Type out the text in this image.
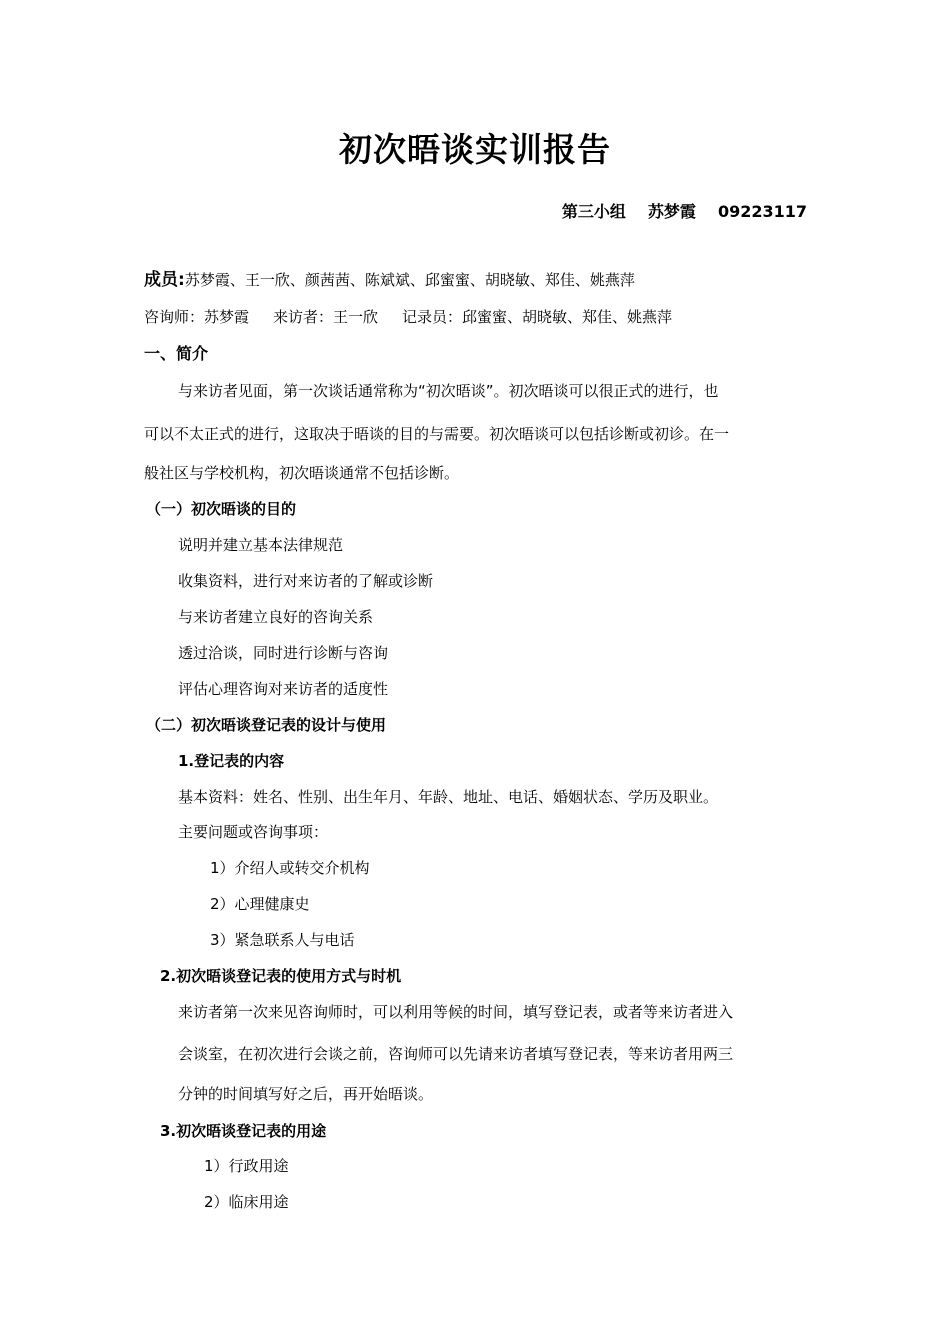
初次晤谈实训报告
第三小组 苏梦霞 09223117
成员:苏梦霞、王一欣、颜茜茜、陈斌斌、邱蜜蜜、胡晓敏、郑佳、姚燕萍
咨询师：苏梦霞 来访者：王一欣 记录员：邱蜜蜜、胡晓敏、郑佳、姚燕萍
一、简介
与来访者见面，第一次谈话通常称为“初次晤谈”。初次晤谈可以很正式的进行，也
可以不太正式的进行，这取决于晤谈的目的与需要。初次晤谈可以包括诊断或初诊。在一
般社区与学校机构，初次晤谈通常不包括诊断。
（一）初次晤谈的目的
说明并建立基本法律规范
收集资料，进行对来访者的了解或诊断
与来访者建立良好的咨询关系
透过洽谈，同时进行诊断与咨询
评估心理咨询对来访者的适度性
（二）初次晤谈登记表的设计与使用
1.登记表的内容
基本资料：姓名、性别、出生年月、年龄、地址、电话、婚姻状态、学历及职业。
主要问题或咨询事项：
1）介绍人或转交介机构
2）心理健康史
3）紧急联系人与电话
2.初次晤谈登记表的使用方式与时机
来访者第一次来见咨询师时，可以利用等候的时间，填写登记表，或者等来访者进入
会谈室，在初次进行会谈之前，咨询师可以先请来访者填写登记表，等来访者用两三
分钟的时间填写好之后，再开始晤谈。
3.初次晤谈登记表的用途
1）行政用途
2）临床用途
